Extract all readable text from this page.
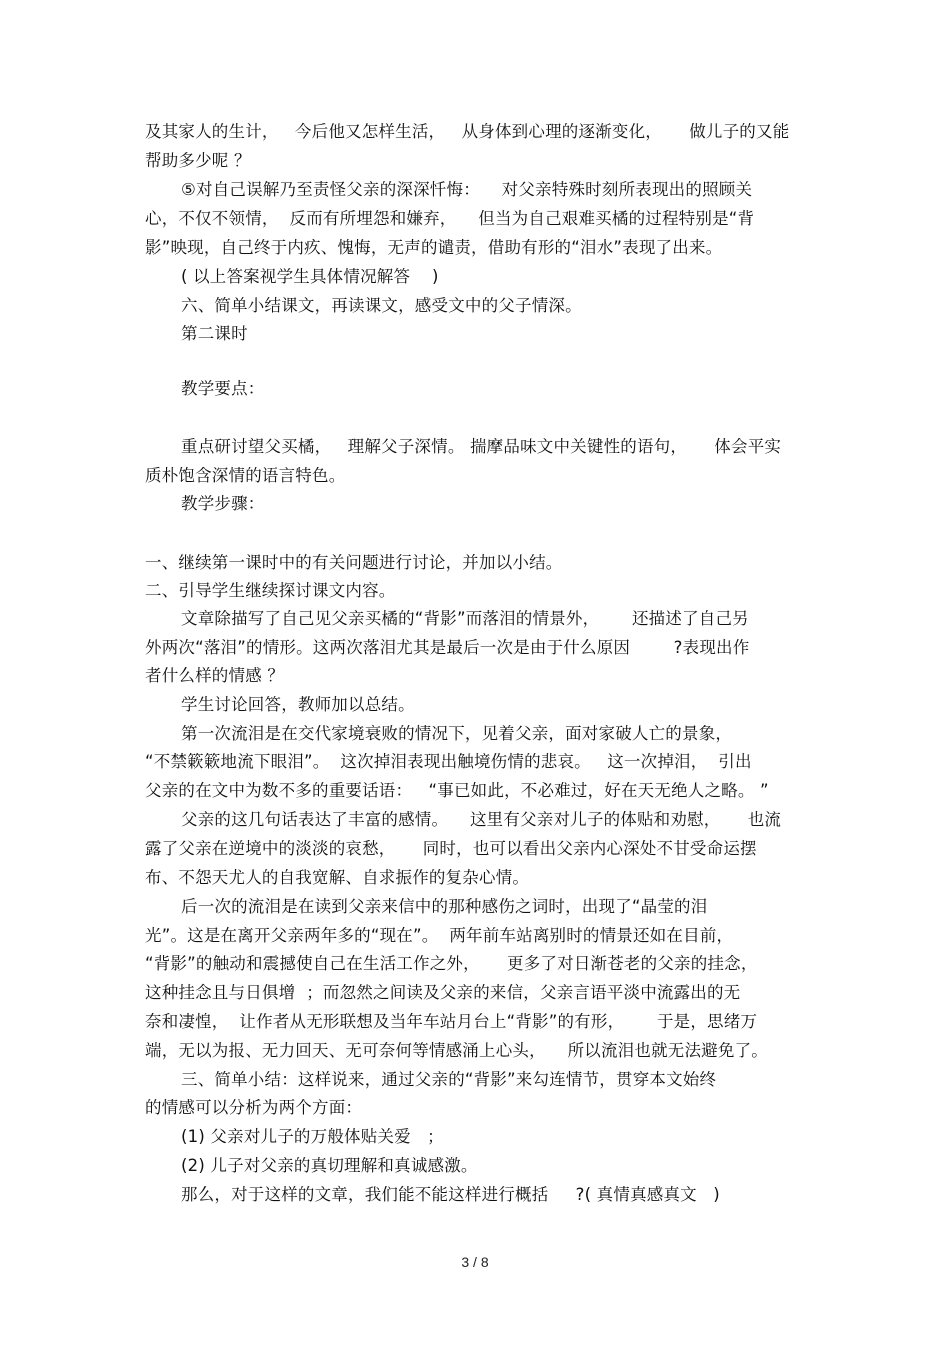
及其家人的生计，   今后他又怎样生活，   从身体到心理的逐渐变化，     做儿子的又能
帮助多少呢 ？
⑤对自己误解乃至责怪父亲的深深忏悔：    对父亲特殊时刻所表现出的照顾关
心，不仅不领情，  反而有所埋怨和嫌弃，    但当为自己艰难买橘的过程特别是“背
影”映现，自己终于内疚、愧悔，无声的谴责，借助有形的“泪水”表现了出来。
( 以上答案视学生具体情况解答    )
六、简单小结课文，再读课文，感受文中的父子情深。
第二课时
教学要点：
重点研讨望父买橘，   理解父子深情。 揣摩品味文中关键性的语句，     体会平实
质朴饱含深情的语言特色。
教学步骤：
一、继续第一课时中的有关问题进行讨论，并加以小结。
二、引导学生继续探讨课文内容。
文章除描写了自己见父亲买橘的“背影”而落泪的情景外，      还描述了自己另
外两次“落泪”的情形。这两次落泪尤其是最后一次是由于什么原因        ?表现出作
者什么样的情感 ？
学生讨论回答，教师加以总结。
第一次流泪是在交代家境衰败的情况下，见着父亲，面对家破人亡的景象，
“不禁簌簌地流下眼泪”。  这次掉泪表现出触境伤情的悲哀。   这一次掉泪，  引出
父亲的在文中为数不多的重要话语：   “事已如此，不必难过，好在天无绝人之略。 ”
父亲的这几句话表达了丰富的感情。    这里有父亲对儿子的体贴和劝慰，     也流
露了父亲在逆境中的淡淡的哀愁，     同时，也可以看出父亲内心深处不甘受命运摆
布、不怨天尤人的自我宽解、自求振作的复杂心情。
后一次的流泪是在读到父亲来信中的那种感伤之词时，出现了“晶莹的泪
光”。这是在离开父亲两年多的“现在”。  两年前车站离别时的情景还如在目前，
“背影”的触动和震撼使自己在生活工作之外，     更多了对日渐苍老的父亲的挂念，
这种挂念且与日俱增  ；而忽然之间读及父亲的来信，父亲言语平淡中流露出的无
奈和凄惶，  让作者从无形联想及当年车站月台上“背影”的有形，      于是，思绪万
端，无以为报、无力回天、无可奈何等情感涌上心头，    所以流泪也就无法避免了。
三、简单小结：这样说来，通过父亲的“背影”来勾连情节，贯穿本文始终
的情感可以分析为两个方面：
(1) 父亲对儿子的万般体贴关爱   ；
(2) 儿子对父亲的真切理解和真诚感激。
那么，对于这样的文章，我们能不能这样进行概括     ?( 真情真感真文   )
3 / 8
